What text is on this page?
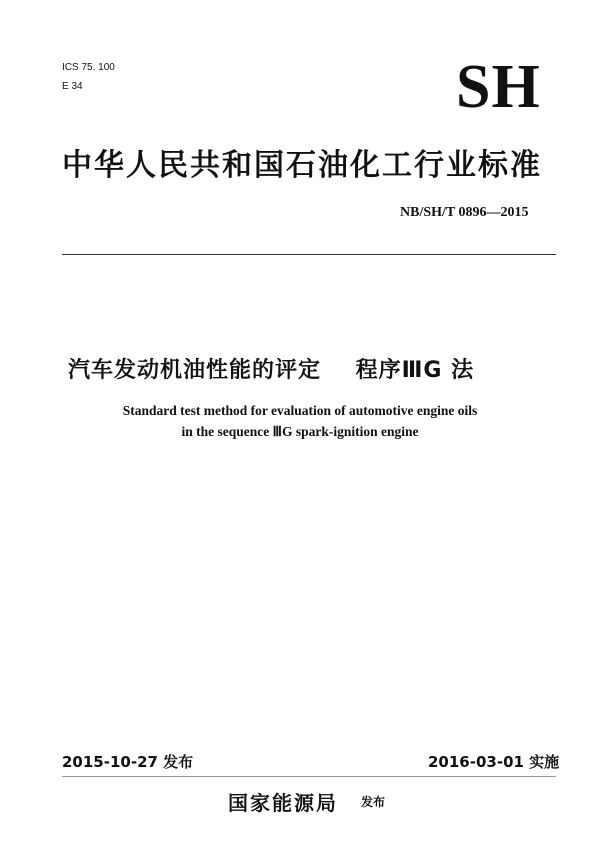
ICS 75. 100
E 34	SH
中华人民共和国石油化工行业标准
NB/SH/T 0896—2015
汽车发动机油性能的评定    程序ⅢG 法
Standard test method for evaluation of automotive engine oils
in the sequence ⅢG spark-ignition engine
2015-10-27 发布	2016-03-01 实施
国家能源局 发布
